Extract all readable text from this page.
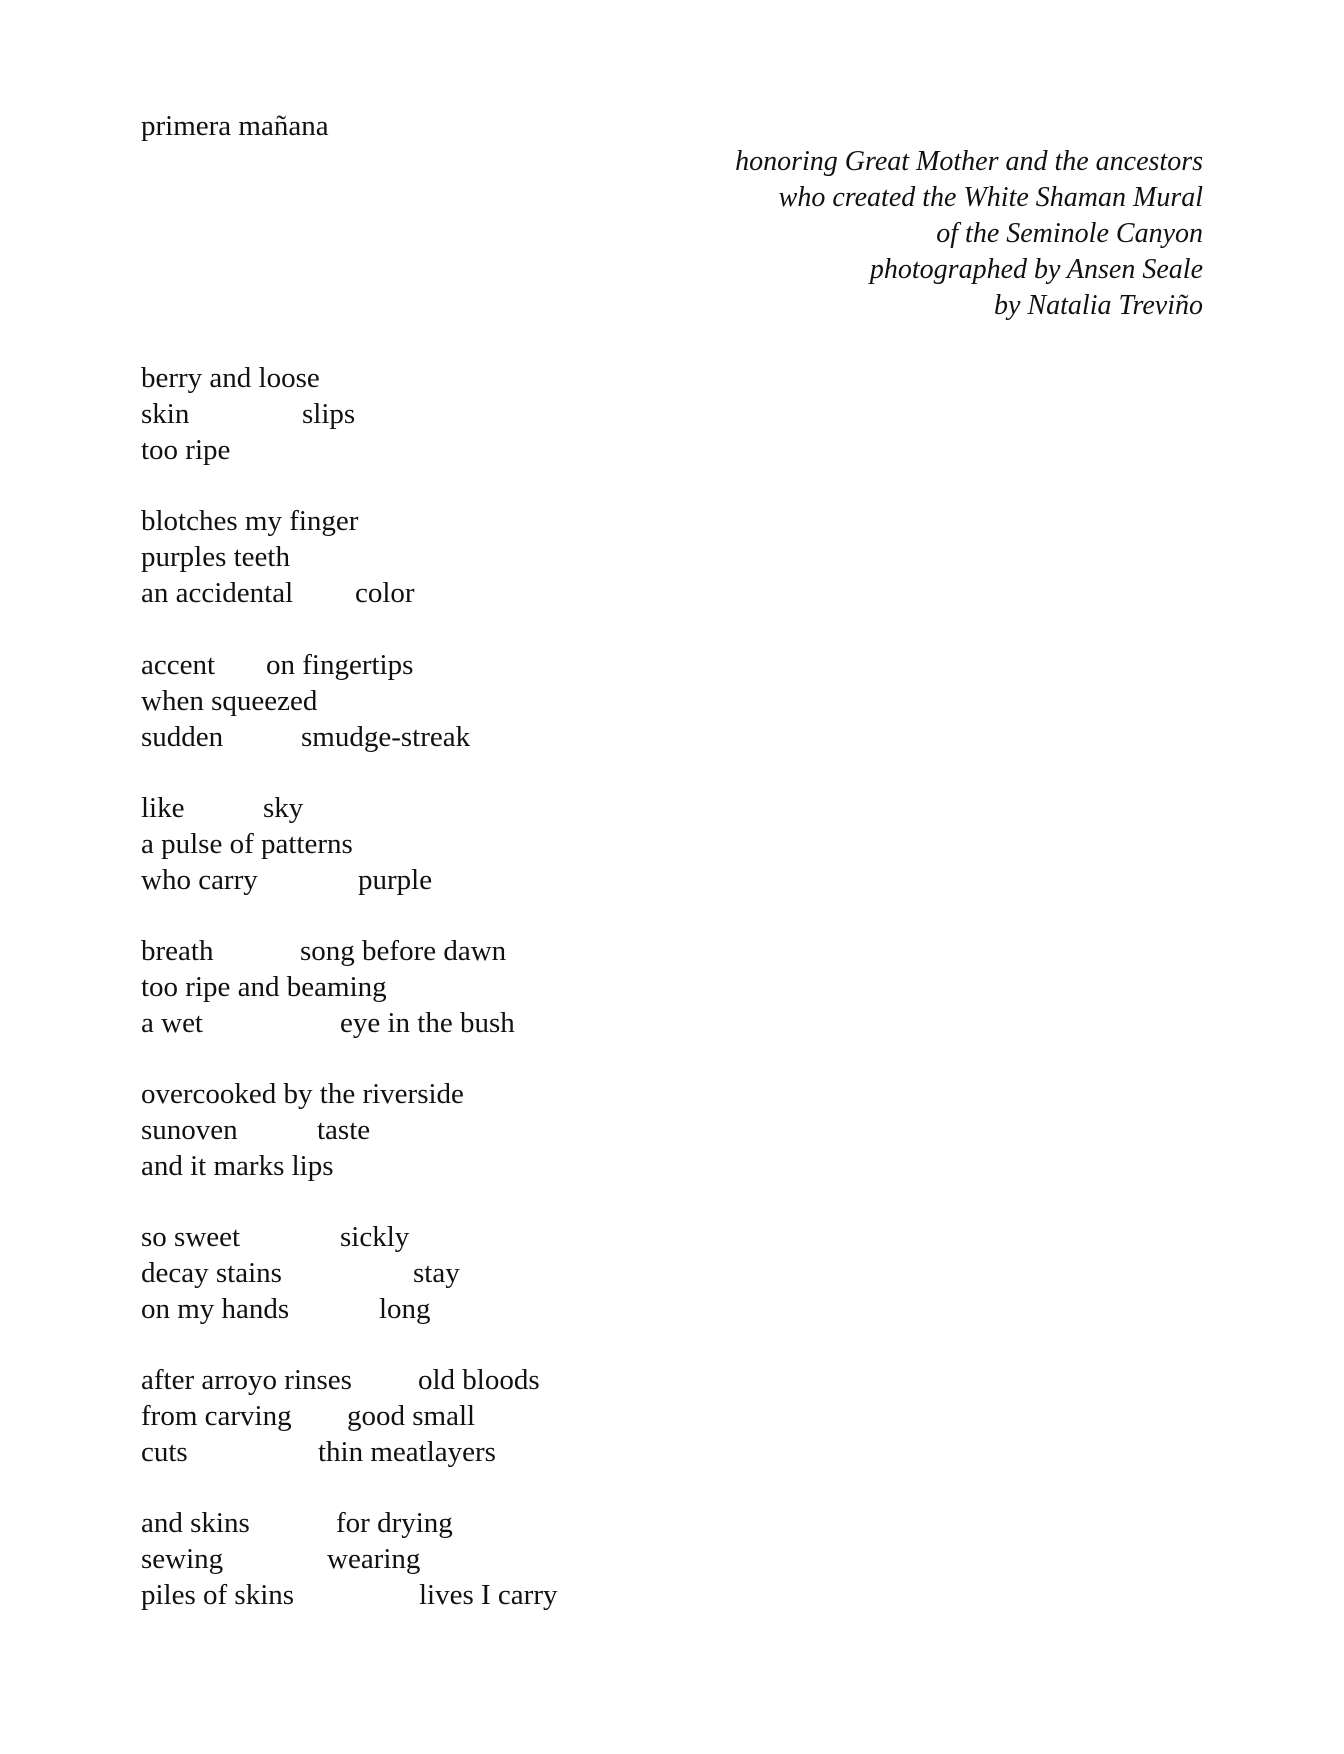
primera mañana
honoring Great Mother and the ancestors
who created the White Shaman Mural
of the Seminole Canyon
photographed by Ansen Seale
by Natalia Treviño
berry and loose
skin	slips
too ripe
blotches my finger
purples teeth
an accidental color
accent on fingertips
when squeezed
sudden	smudge-streak
like	sky
a pulse of patterns
who carry	purple
breath	song before dawn
too ripe and beaming
a wet	eye in the bush
overcooked by the riverside
sunoven	taste
and it marks lips
so sweet	sickly
decay stains	stay
on my hands	long
after arroyo rinses old bloods
from carving good small
cuts	thin meatlayers
and skins	for drying
sewing	wearing
piles of skins	lives I carry
